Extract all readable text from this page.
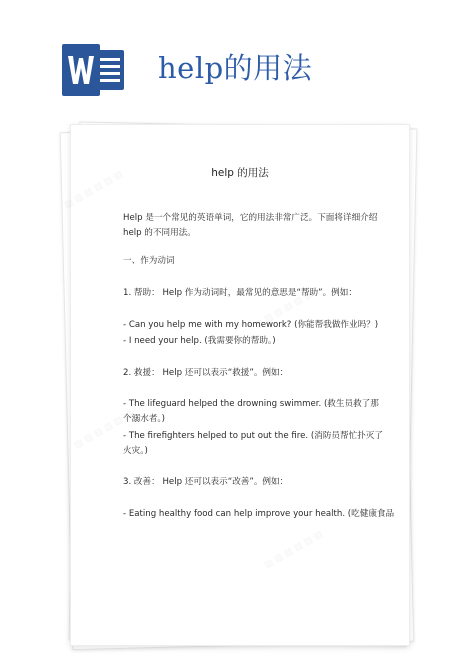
help的用法
▨ ▨ ▨ ▨ ▨ ▨
▨ ▨ ▨ ▨ ▨ ▨
▨ ▨ ▨ ▨ ▨ ▨
▨ ▨ ▨ ▨ ▨ ▨
help 的用法
Help 是一个常见的英语单词，它的用法非常广泛。下面将详细介绍 help 的不同用法。
一、作为动词
1. 帮助： Help 作为动词时，最常见的意思是“帮助”。例如：
- Can you help me with my homework? (你能帮我做作业吗？)
- I need your help. (我需要你的帮助。)
2. 救援： Help 还可以表示“救援”。例如：
- The lifeguard helped the drowning swimmer. (救生员救了那个溺水者。)
- The firefighters helped to put out the fire. (消防员帮忙扑灭了火灾。)
3. 改善： Help 还可以表示“改善”。例如：
- Eating healthy food can help improve your health. (吃健康食品
